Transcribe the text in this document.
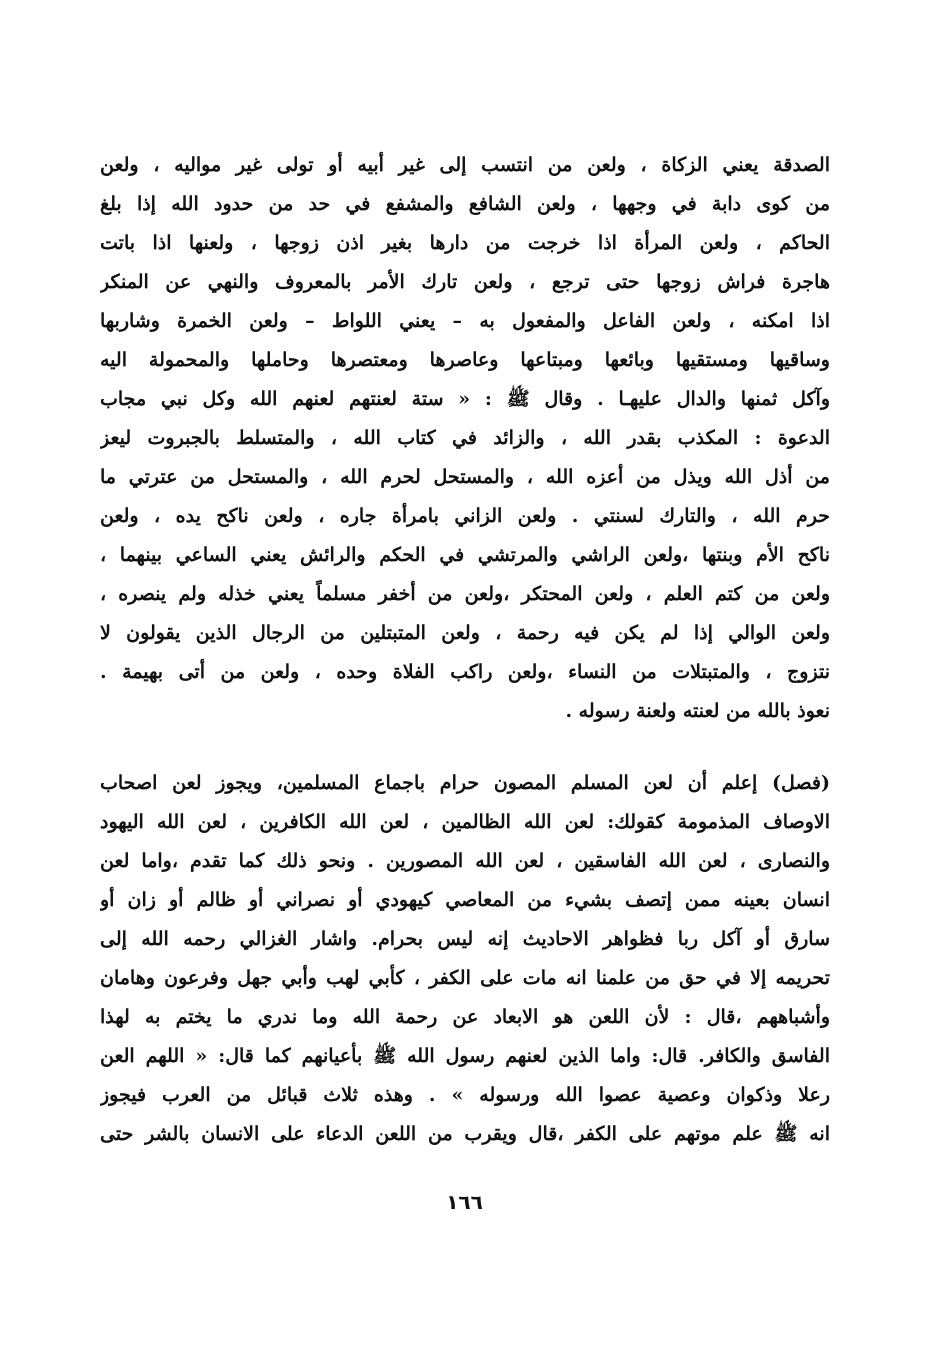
الصدقة يعني الزكاة ، ولعن من انتسب إلى غير أبيه أو تولى غير مواليه ، ولعن
من كوى دابة في وجهها ، ولعن الشافع والمشفع في حد من حدود الله إذا بلغ
الحاكم ، ولعن المرأة اذا خرجت من دارها بغير اذن زوجها ، ولعنها اذا باتت
هاجرة فراش زوجها حتى ترجع ، ولعن تارك الأمر بالمعروف والنهي عن المنكر
اذا امكنه ، ولعن الفاعل والمفعول به – يعني اللواط – ولعن الخمرة وشاربها
وساقيها ومستقيها وبائعها ومبتاعها وعاصرها ومعتصرها وحاملها والمحمولة اليه
وآكل ثمنها والدال عليهـا . وقال ﷺ : « ستة لعنتهم لعنهم الله وكل نبي مجاب
الدعوة : المكذب بقدر الله ، والزائد في كتاب الله ، والمتسلط بالجبروت ليعز
من أذل الله ويذل من أعزه الله ، والمستحل لحرم الله ، والمستحل من عترتي ما
حرم الله ، والتارك لسنتي . ولعن الزاني بامرأة جاره ، ولعن ناكح يده ، ولعن
ناكح الأم وبنتها ،ولعن الراشي والمرتشي في الحكم والرائش يعني الساعي بينهما ،
ولعن من كتم العلم ، ولعن المحتكر ،ولعن من أخفر مسلماً يعني خذله ولم ينصره ،
ولعن الوالي إذا لم يكن فيه رحمة ، ولعن المتبتلين من الرجال الذين يقولون لا
نتزوج ، والمتبتلات من النساء ،ولعن راكب الفلاة وحده ، ولعن من أتى بهيمة .
نعوذ بالله من لعنته ولعنة رسوله .
(فصل) إعلم أن لعن المسلم المصون حرام باجماع المسلمين، ويجوز لعن اصحاب
الاوصاف المذمومة كقولك: لعن الله الظالمين ، لعن الله الكافرين ، لعن الله اليهود
والنصارى ، لعن الله الفاسقين ، لعن الله المصورين . ونحو ذلك كما تقدم ،واما لعن
انسان بعينه ممن إتصف بشيء من المعاصي كيهودي أو نصراني أو ظالم أو زان أو
سارق أو آكل ربا فظواهر الاحاديث إنه ليس بحرام. واشار الغزالي رحمه الله إلى
تحريمه إلا في حق من علمنا انه مات على الكفر ، كأبي لهب وأبي جهل وفرعون وهامان
وأشباههم ،قال : لأن اللعن هو الابعاد عن رحمة الله وما ندري ما يختم به لهذا
الفاسق والكافر. قال: واما الذين لعنهم رسول الله ﷺ بأعيانهم كما قال: « اللهم العن
رعلا وذكوان وعصية عصوا الله ورسوله » . وهذه ثلاث قبائل من العرب فيجوز
انه ﷺ علم موتهم على الكفر ،قال ويقرب من اللعن الدعاء على الانسان بالشر حتى
١٦٦
